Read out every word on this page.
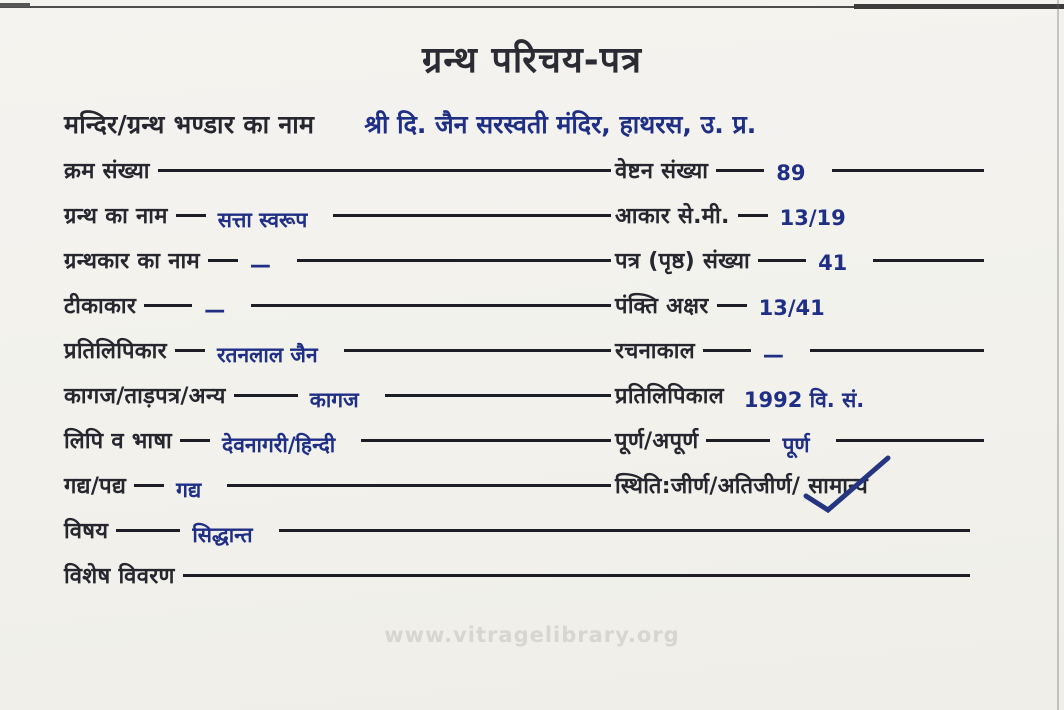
ग्रन्थ परिचय-पत्र
मन्दिर/ग्रन्थ भण्डार का नाम	श्री दि. जैन सरस्वती मंदिर, हाथरस, उ. प्र.
क्रम संख्या	वेष्टन संख्या	89
ग्रन्थ का नाम	सत्ता स्वरूप	आकार से.मी.	13/19
ग्रन्थकार का नाम	—	पत्र (पृष्ठ) संख्या	41
टीकाकार	—	पंक्ति अक्षर	13/41
प्रतिलिपिकार	रतनलाल जैन	रचनाकाल	—
कागज/ताड़पत्र/अन्य	कागज	प्रतिलिपिकाल 1992 वि. सं.
लिपि व भाषा	देवनागरी/हिन्दी	पूर्ण/अपूर्ण	पूर्ण
गद्य/पद्य	गद्य	स्थिति:जीर्ण/अतिजीर्ण/ सामान्य
विषय	सिद्धान्त
विशेष विवरण
www.vitragelibrary.org
